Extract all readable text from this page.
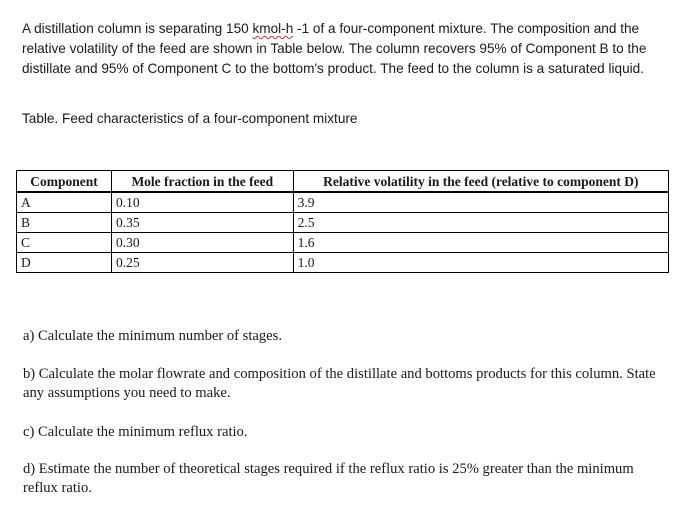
A distillation column is separating 150 kmol-h -1 of a four-component mixture. The composition and the relative volatility of the feed are shown in Table below. The column recovers 95% of Component B to the distillate and 95% of Component C to the bottom's product. The feed to the column is a saturated liquid.

Table. Feed characteristics of a four-component mixture

Component	Mole fraction in the feed	Relative volatility in the feed (relative to component D)
A	0.10	3.9
B	0.35	2.5
C	0.30	1.6
D	0.25	1.0

a) Calculate the minimum number of stages.

b) Calculate the molar flowrate and composition of the distillate and bottoms products for this column. State any assumptions you need to make.

c) Calculate the minimum reflux ratio.

d) Estimate the number of theoretical stages required if the reflux ratio is 25% greater than the minimum reflux ratio.
